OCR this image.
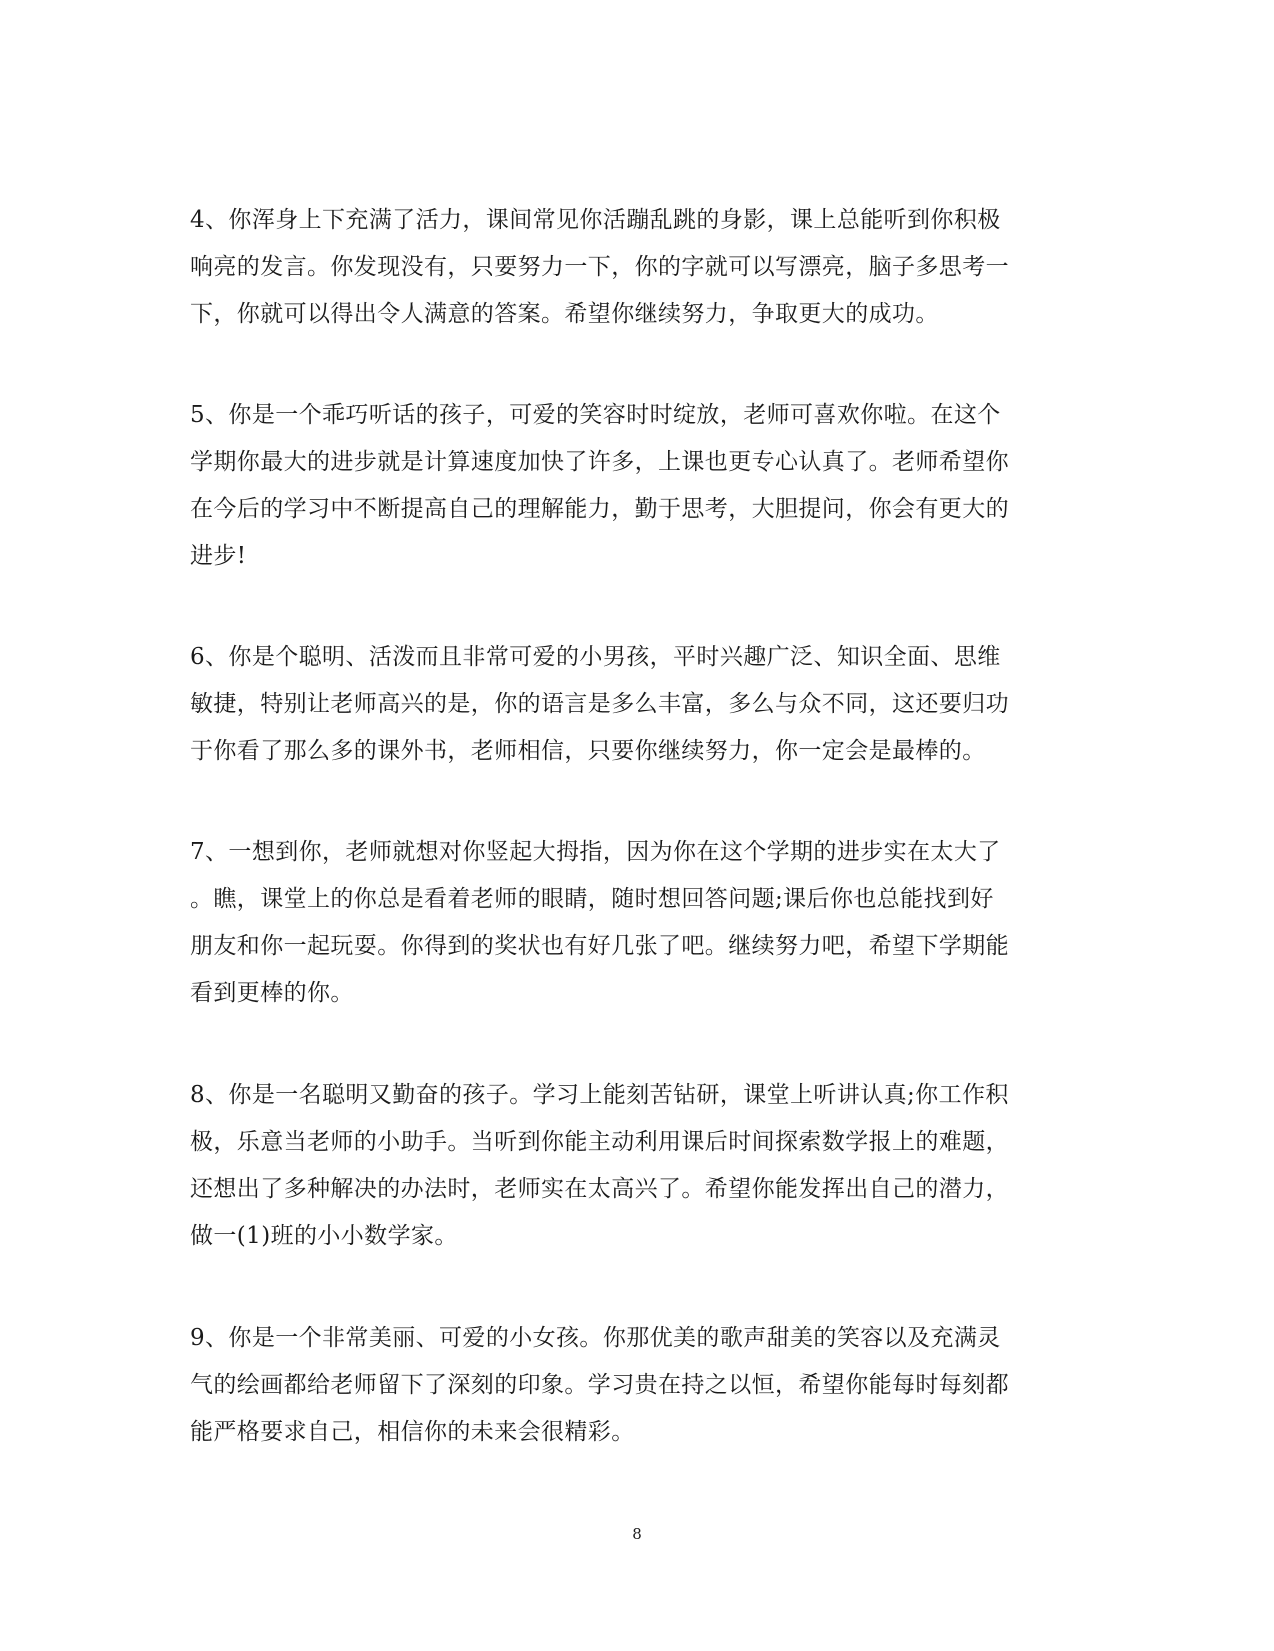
4、你浑身上下充满了活力，课间常见你活蹦乱跳的身影，课上总能听到你积极
响亮的发言。你发现没有，只要努力一下，你的字就可以写漂亮，脑子多思考一
下，你就可以得出令人满意的答案。希望你继续努力，争取更大的成功。
5、你是一个乖巧听话的孩子，可爱的笑容时时绽放，老师可喜欢你啦。在这个
学期你最大的进步就是计算速度加快了许多，上课也更专心认真了。老师希望你
在今后的学习中不断提高自己的理解能力，勤于思考，大胆提问，你会有更大的
进步!
6、你是个聪明、活泼而且非常可爱的小男孩，平时兴趣广泛、知识全面、思维
敏捷，特别让老师高兴的是，你的语言是多么丰富，多么与众不同，这还要归功
于你看了那么多的课外书，老师相信，只要你继续努力，你一定会是最棒的。
7、一想到你，老师就想对你竖起大拇指，因为你在这个学期的进步实在太大了
。瞧，课堂上的你总是看着老师的眼睛，随时想回答问题;课后你也总能找到好
朋友和你一起玩耍。你得到的奖状也有好几张了吧。继续努力吧，希望下学期能
看到更棒的你。
8、你是一名聪明又勤奋的孩子。学习上能刻苦钻研，课堂上听讲认真;你工作积
极，乐意当老师的小助手。当听到你能主动利用课后时间探索数学报上的难题，
还想出了多种解决的办法时，老师实在太高兴了。希望你能发挥出自己的潜力，
做一(1)班的小小数学家。
9、你是一个非常美丽、可爱的小女孩。你那优美的歌声甜美的笑容以及充满灵
气的绘画都给老师留下了深刻的印象。学习贵在持之以恒，希望你能每时每刻都
能严格要求自己，相信你的未来会很精彩。
8
